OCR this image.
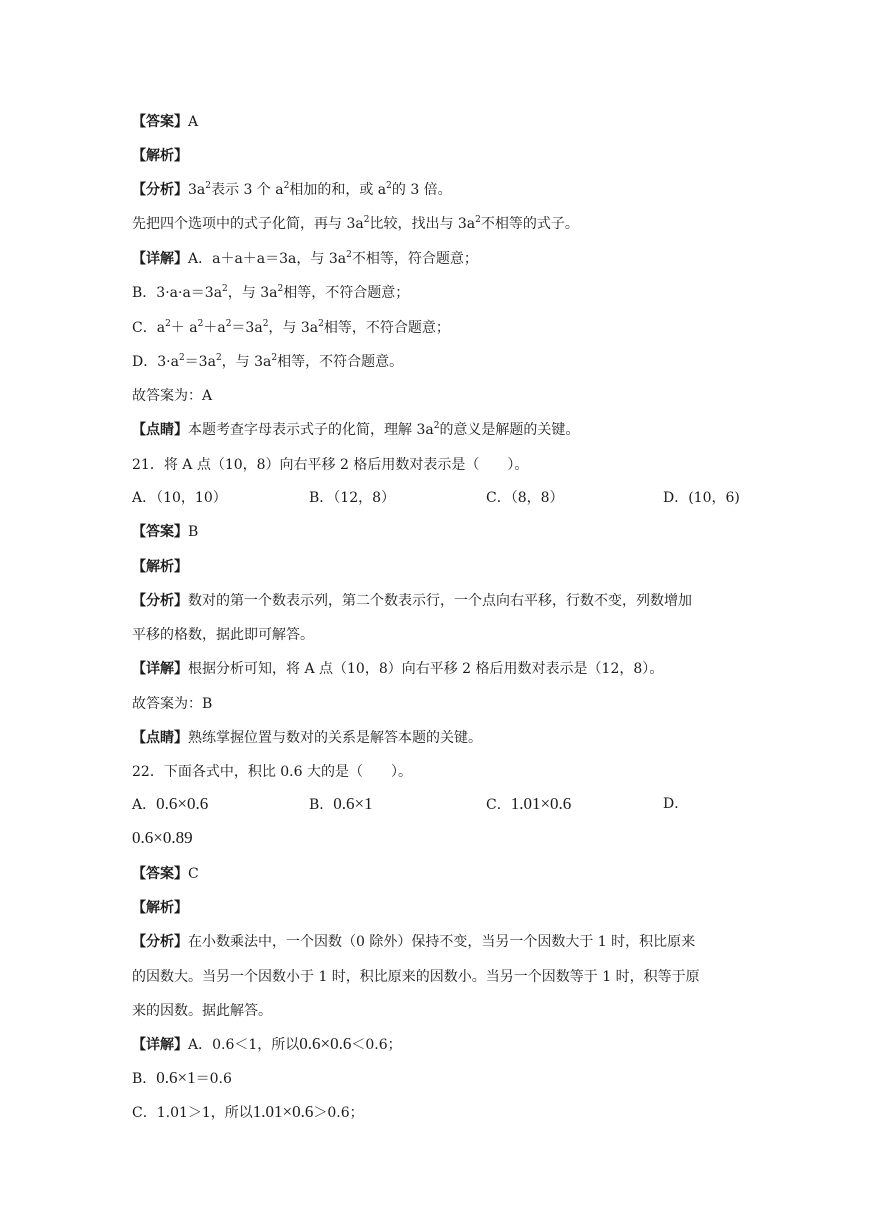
【答案】A
【解析】
【分析】$3a^2$表示 3 个 $a^2$相加的和，或 $a^2$的 3 倍。
先把四个选项中的式子化简，再与 $3a^2$比较，找出与 $3a^2$不相等的式子。
【详解】A．a＋a＋a＝3a，与 $3a^2$不相等，符合题意；
B．$3\cdot a\cdot a=3a^2$，与 $3a^2$相等，不符合题意；
C．$a^2+ a^2+a^2=3a^2$，与 $3a^2$相等，不符合题意；
D．$3\cdot a^2=3a^2$，与 $3a^2$相等，不符合题意。
故答案为：A
【点睛】本题考查字母表示式子的化简，理解 $3a^2$的意义是解题的关键。
21．将 A 点（10，8）向右平移 2 格后用数对表示是（　　）。
A．（10，10）	B．（12，8）	C．（8，8）	D．(10，6)
【答案】B
【解析】
【分析】数对的第一个数表示列，第二个数表示行，一个点向右平移，行数不变，列数增加
平移的格数，据此即可解答。
【详解】根据分析可知，将 A 点（10，8）向右平移 2 格后用数对表示是（12，8）。
故答案为：B
【点睛】熟练掌握位置与数对的关系是解答本题的关键。
22．下面各式中，积比 0.6 大的是（　　）。
A．0.6×0.6	B．0.6×1	C．1.01×0.6	D．
0.6×0.89
【答案】C
【解析】
【分析】在小数乘法中，一个因数（0 除外）保持不变，当另一个因数大于 1 时，积比原来
的因数大。当另一个因数小于 1 时，积比原来的因数小。当另一个因数等于 1 时，积等于原
来的因数。据此解答。
【详解】A．0.6＜1，所以0.6×0.6＜0.6；
B．0.6×1＝0.6
C．1.01＞1，所以1.01×0.6＞0.6；
